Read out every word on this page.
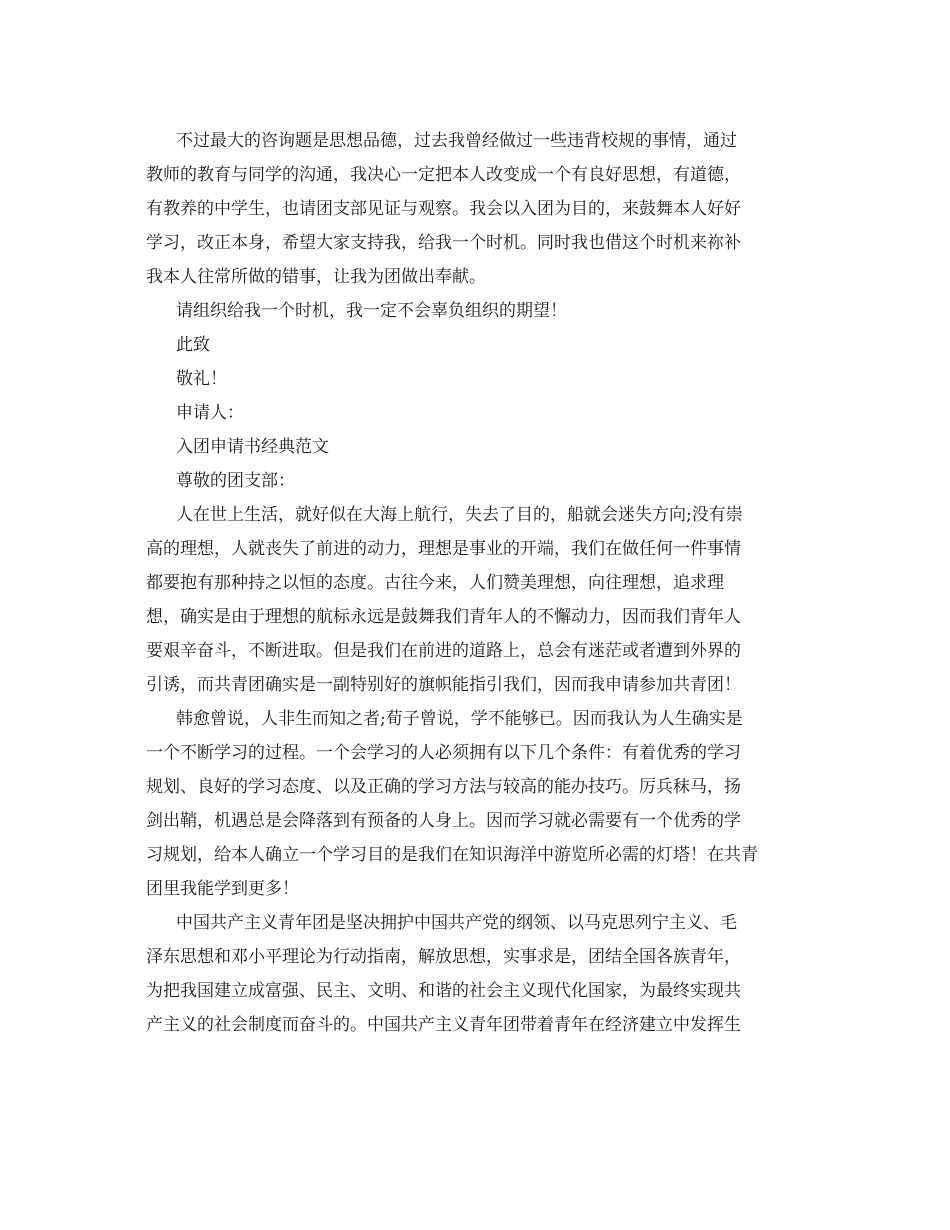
不过最大的咨询题是思想品德，过去我曾经做过一些违背校规的事情，通过
教师的教育与同学的沟通，我决心一定把本人改变成一个有良好思想，有道德，
有教养的中学生，也请团支部见证与观察。我会以入团为目的，来鼓舞本人好好
学习，改正本身，希望大家支持我，给我一个时机。同时我也借这个时机来祢补
我本人往常所做的错事，让我为团做出奉献。
请组织给我一个时机，我一定不会辜负组织的期望！
此致
敬礼！
申请人：
入团申请书经典范文
尊敬的团支部：
人在世上生活，就好似在大海上航行，失去了目的，船就会迷失方向;没有崇
高的理想，人就丧失了前进的动力，理想是事业的开端，我们在做任何一件事情
都要抱有那种持之以恒的态度。古往今来，人们赞美理想，向往理想，追求理
想，确实是由于理想的航标永远是鼓舞我们青年人的不懈动力，因而我们青年人
要艰辛奋斗，不断进取。但是我们在前进的道路上，总会有迷茫或者遭到外界的
引诱，而共青团确实是一副特别好的旗帜能指引我们，因而我申请参加共青团！
韩愈曾说，人非生而知之者;荀子曾说，学不能够已。因而我认为人生确实是
一个不断学习的过程。一个会学习的人必须拥有以下几个条件：有着优秀的学习
规划、良好的学习态度、以及正确的学习方法与较高的能办技巧。厉兵秣马，扬
剑出鞘，机遇总是会降落到有预备的人身上。因而学习就必需要有一个优秀的学
习规划，给本人确立一个学习目的是我们在知识海洋中游览所必需的灯塔！在共青
团里我能学到更多！
中国共产主义青年团是坚决拥护中国共产党的纲领、以马克思列宁主义、毛
泽东思想和邓小平理论为行动指南，解放思想，实事求是，团结全国各族青年，
为把我国建立成富强、民主、文明、和谐的社会主义现代化国家，为最终实现共
产主义的社会制度而奋斗的。中国共产主义青年团带着青年在经济建立中发挥生
